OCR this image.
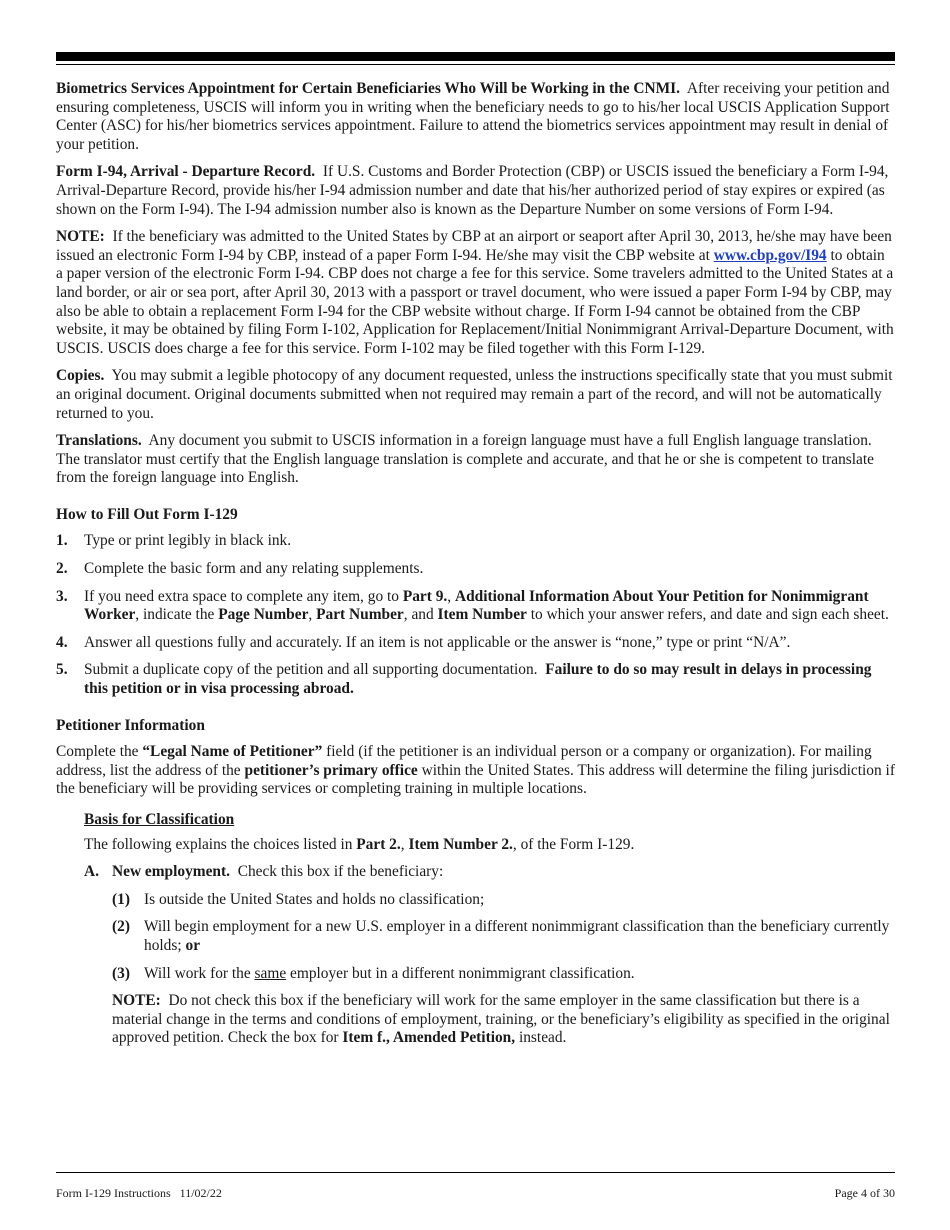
Biometrics Services Appointment for Certain Beneficiaries Who Will be Working in the CNMI. After receiving your petition and ensuring completeness, USCIS will inform you in writing when the beneficiary needs to go to his/her local USCIS Application Support Center (ASC) for his/her biometrics services appointment. Failure to attend the biometrics services appointment may result in denial of your petition.

Form I-94, Arrival - Departure Record. If U.S. Customs and Border Protection (CBP) or USCIS issued the beneficiary a Form I-94, Arrival-Departure Record, provide his/her I-94 admission number and date that his/her authorized period of stay expires or expired (as shown on the Form I-94). The I-94 admission number also is known as the Departure Number on some versions of Form I-94.

NOTE: If the beneficiary was admitted to the United States by CBP at an airport or seaport after April 30, 2013, he/she may have been issued an electronic Form I-94 by CBP, instead of a paper Form I-94. He/she may visit the CBP website at www.cbp.gov/I94 to obtain a paper version of the electronic Form I-94. CBP does not charge a fee for this service. Some travelers admitted to the United States at a land border, or air or sea port, after April 30, 2013 with a passport or travel document, who were issued a paper Form I-94 by CBP, may also be able to obtain a replacement Form I-94 for the CBP website without charge. If Form I-94 cannot be obtained from the CBP website, it may be obtained by filing Form I-102, Application for Replacement/Initial Nonimmigrant Arrival-Departure Document, with USCIS. USCIS does charge a fee for this service. Form I-102 may be filed together with this Form I-129.

Copies. You may submit a legible photocopy of any document requested, unless the instructions specifically state that you must submit an original document. Original documents submitted when not required may remain a part of the record, and will not be automatically returned to you.

Translations. Any document you submit to USCIS information in a foreign language must have a full English language translation. The translator must certify that the English language translation is complete and accurate, and that he or she is competent to translate from the foreign language into English.

How to Fill Out Form I-129
1.	Type or print legibly in black ink.
2.	Complete the basic form and any relating supplements.
3.	If you need extra space to complete any item, go to Part 9., Additional Information About Your Petition for Nonimmigrant Worker, indicate the Page Number, Part Number, and Item Number to which your answer refers, and date and sign each sheet.
4.	Answer all questions fully and accurately. If an item is not applicable or the answer is “none,” type or print “N/A”.
5.	Submit a duplicate copy of the petition and all supporting documentation. Failure to do so may result in delays in processing this petition or in visa processing abroad.
Petitioner Information

Complete the “Legal Name of Petitioner” field (if the petitioner is an individual person or a company or organization). For mailing address, list the address of the petitioner’s primary office within the United States. This address will determine the filing jurisdiction if the beneficiary will be providing services or completing training in multiple locations.

Basis for Classification

The following explains the choices listed in Part 2., Item Number 2., of the Form I-129.

A. New employment. Check this box if the beneficiary:
(1) Is outside the United States and holds no classification;
(2) Will begin employment for a new U.S. employer in a different nonimmigrant classification than the beneficiary currently holds; or
(3) Will work for the same employer but in a different nonimmigrant classification.

NOTE: Do not check this box if the beneficiary will work for the same employer in the same classification but there is a material change in the terms and conditions of employment, training, or the beneficiary’s eligibility as specified in the original approved petition. Check the box for Item f., Amended Petition, instead.

Form I-129 Instructions   11/02/22	Page 4 of 30
